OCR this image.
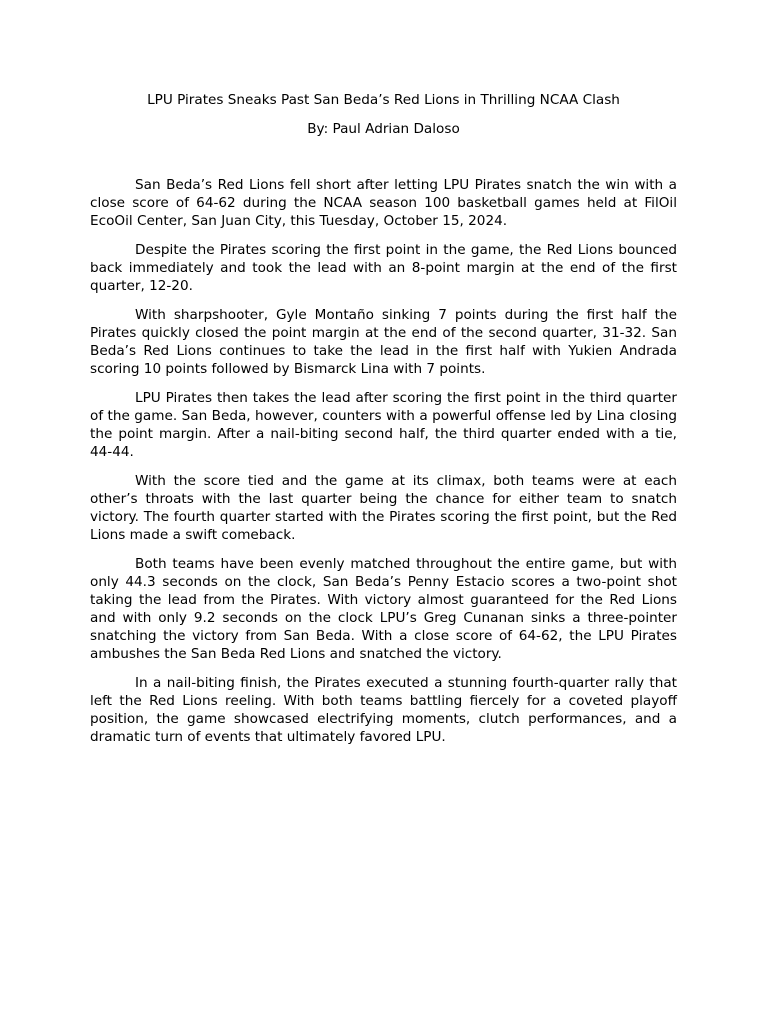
LPU Pirates Sneaks Past San Beda’s Red Lions in Thrilling NCAA Clash

By: Paul Adrian Daloso

San Beda’s Red Lions fell short after letting LPU Pirates snatch the win with a close score of 64-62 during the NCAA season 100 basketball games held at FilOil EcoOil Center, San Juan City, this Tuesday, October 15, 2024.

Despite the Pirates scoring the first point in the game, the Red Lions bounced back immediately and took the lead with an 8-point margin at the end of the first quarter, 12-20.

With sharpshooter, Gyle Montaño sinking 7 points during the first half the Pirates quickly closed the point margin at the end of the second quarter, 31-32. San Beda’s Red Lions continues to take the lead in the first half with Yukien Andrada scoring 10 points followed by Bismarck Lina with 7 points.

LPU Pirates then takes the lead after scoring the first point in the third quarter of the game. San Beda, however, counters with a powerful offense led by Lina closing the point margin. After a nail-biting second half, the third quarter ended with a tie, 44-44.

With the score tied and the game at its climax, both teams were at each other’s throats with the last quarter being the chance for either team to snatch victory. The fourth quarter started with the Pirates scoring the first point, but the Red Lions made a swift comeback.

Both teams have been evenly matched throughout the entire game, but with only 44.3 seconds on the clock, San Beda’s Penny Estacio scores a two-point shot taking the lead from the Pirates. With victory almost guaranteed for the Red Lions and with only 9.2 seconds on the clock LPU’s Greg Cunanan sinks a three-pointer snatching the victory from San Beda. With a close score of 64-62, the LPU Pirates ambushes the San Beda Red Lions and snatched the victory.

In a nail-biting finish, the Pirates executed a stunning fourth-quarter rally that left the Red Lions reeling. With both teams battling fiercely for a coveted playoff position, the game showcased electrifying moments, clutch performances, and a dramatic turn of events that ultimately favored LPU.
